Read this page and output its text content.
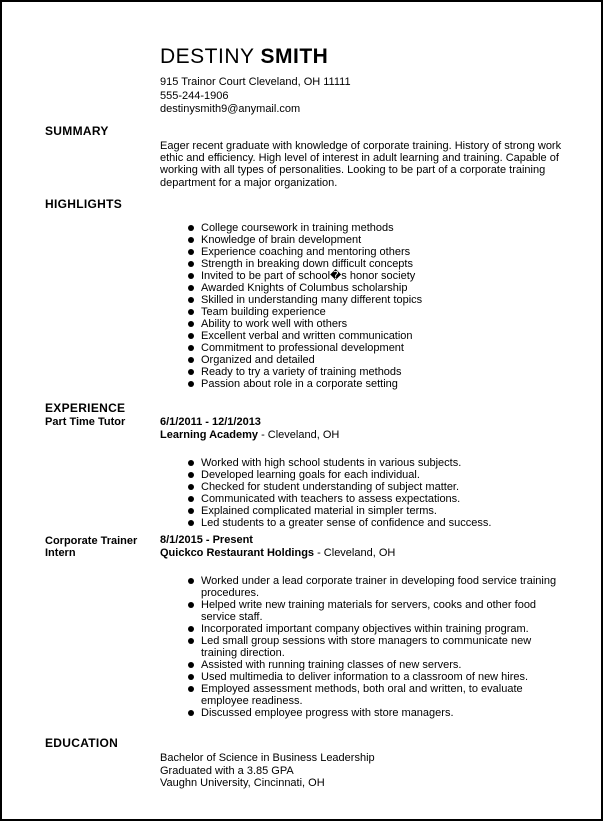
DESTINY SMITH
915 Trainor Court Cleveland, OH 11111
555-244-1906
destinysmith9@anymail.com
SUMMARY
Eager recent graduate with knowledge of corporate training. History of strong work ethic and efficiency. High level of interest in adult learning and training. Capable of working with all types of personalities. Looking to be part of a corporate training department for a major organization.
HIGHLIGHTS
College coursework in training methods
Knowledge of brain development
Experience coaching and mentoring others
Strength in breaking down difficult concepts
Invited to be part of school�s honor society
Awarded Knights of Columbus scholarship
Skilled in understanding many different topics
Team building experience
Ability to work well with others
Excellent verbal and written communication
Commitment to professional development
Organized and detailed
Ready to try a variety of training methods
Passion about role in a corporate setting
EXPERIENCE
Part Time Tutor	6/1/2011 - 12/1/2013
Learning Academy - Cleveland, OH
Worked with high school students in various subjects.
Developed learning goals for each individual.
Checked for student understanding of subject matter.
Communicated with teachers to assess expectations.
Explained complicated material in simpler terms.
Led students to a greater sense of confidence and success.
Corporate Trainer Intern
8/1/2015 - Present
Quickco Restaurant Holdings - Cleveland, OH
Worked under a lead corporate trainer in developing food service training procedures.
Helped write new training materials for servers, cooks and other food service staff.
Incorporated important company objectives within training program.
Led small group sessions with store managers to communicate new training direction.
Assisted with running training classes of new servers.
Used multimedia to deliver information to a classroom of new hires.
Employed assessment methods, both oral and written, to evaluate employee readiness.
Discussed employee progress with store managers.
EDUCATION
Bachelor of Science in Business Leadership
Graduated with a 3.85 GPA
Vaughn University, Cincinnati, OH
